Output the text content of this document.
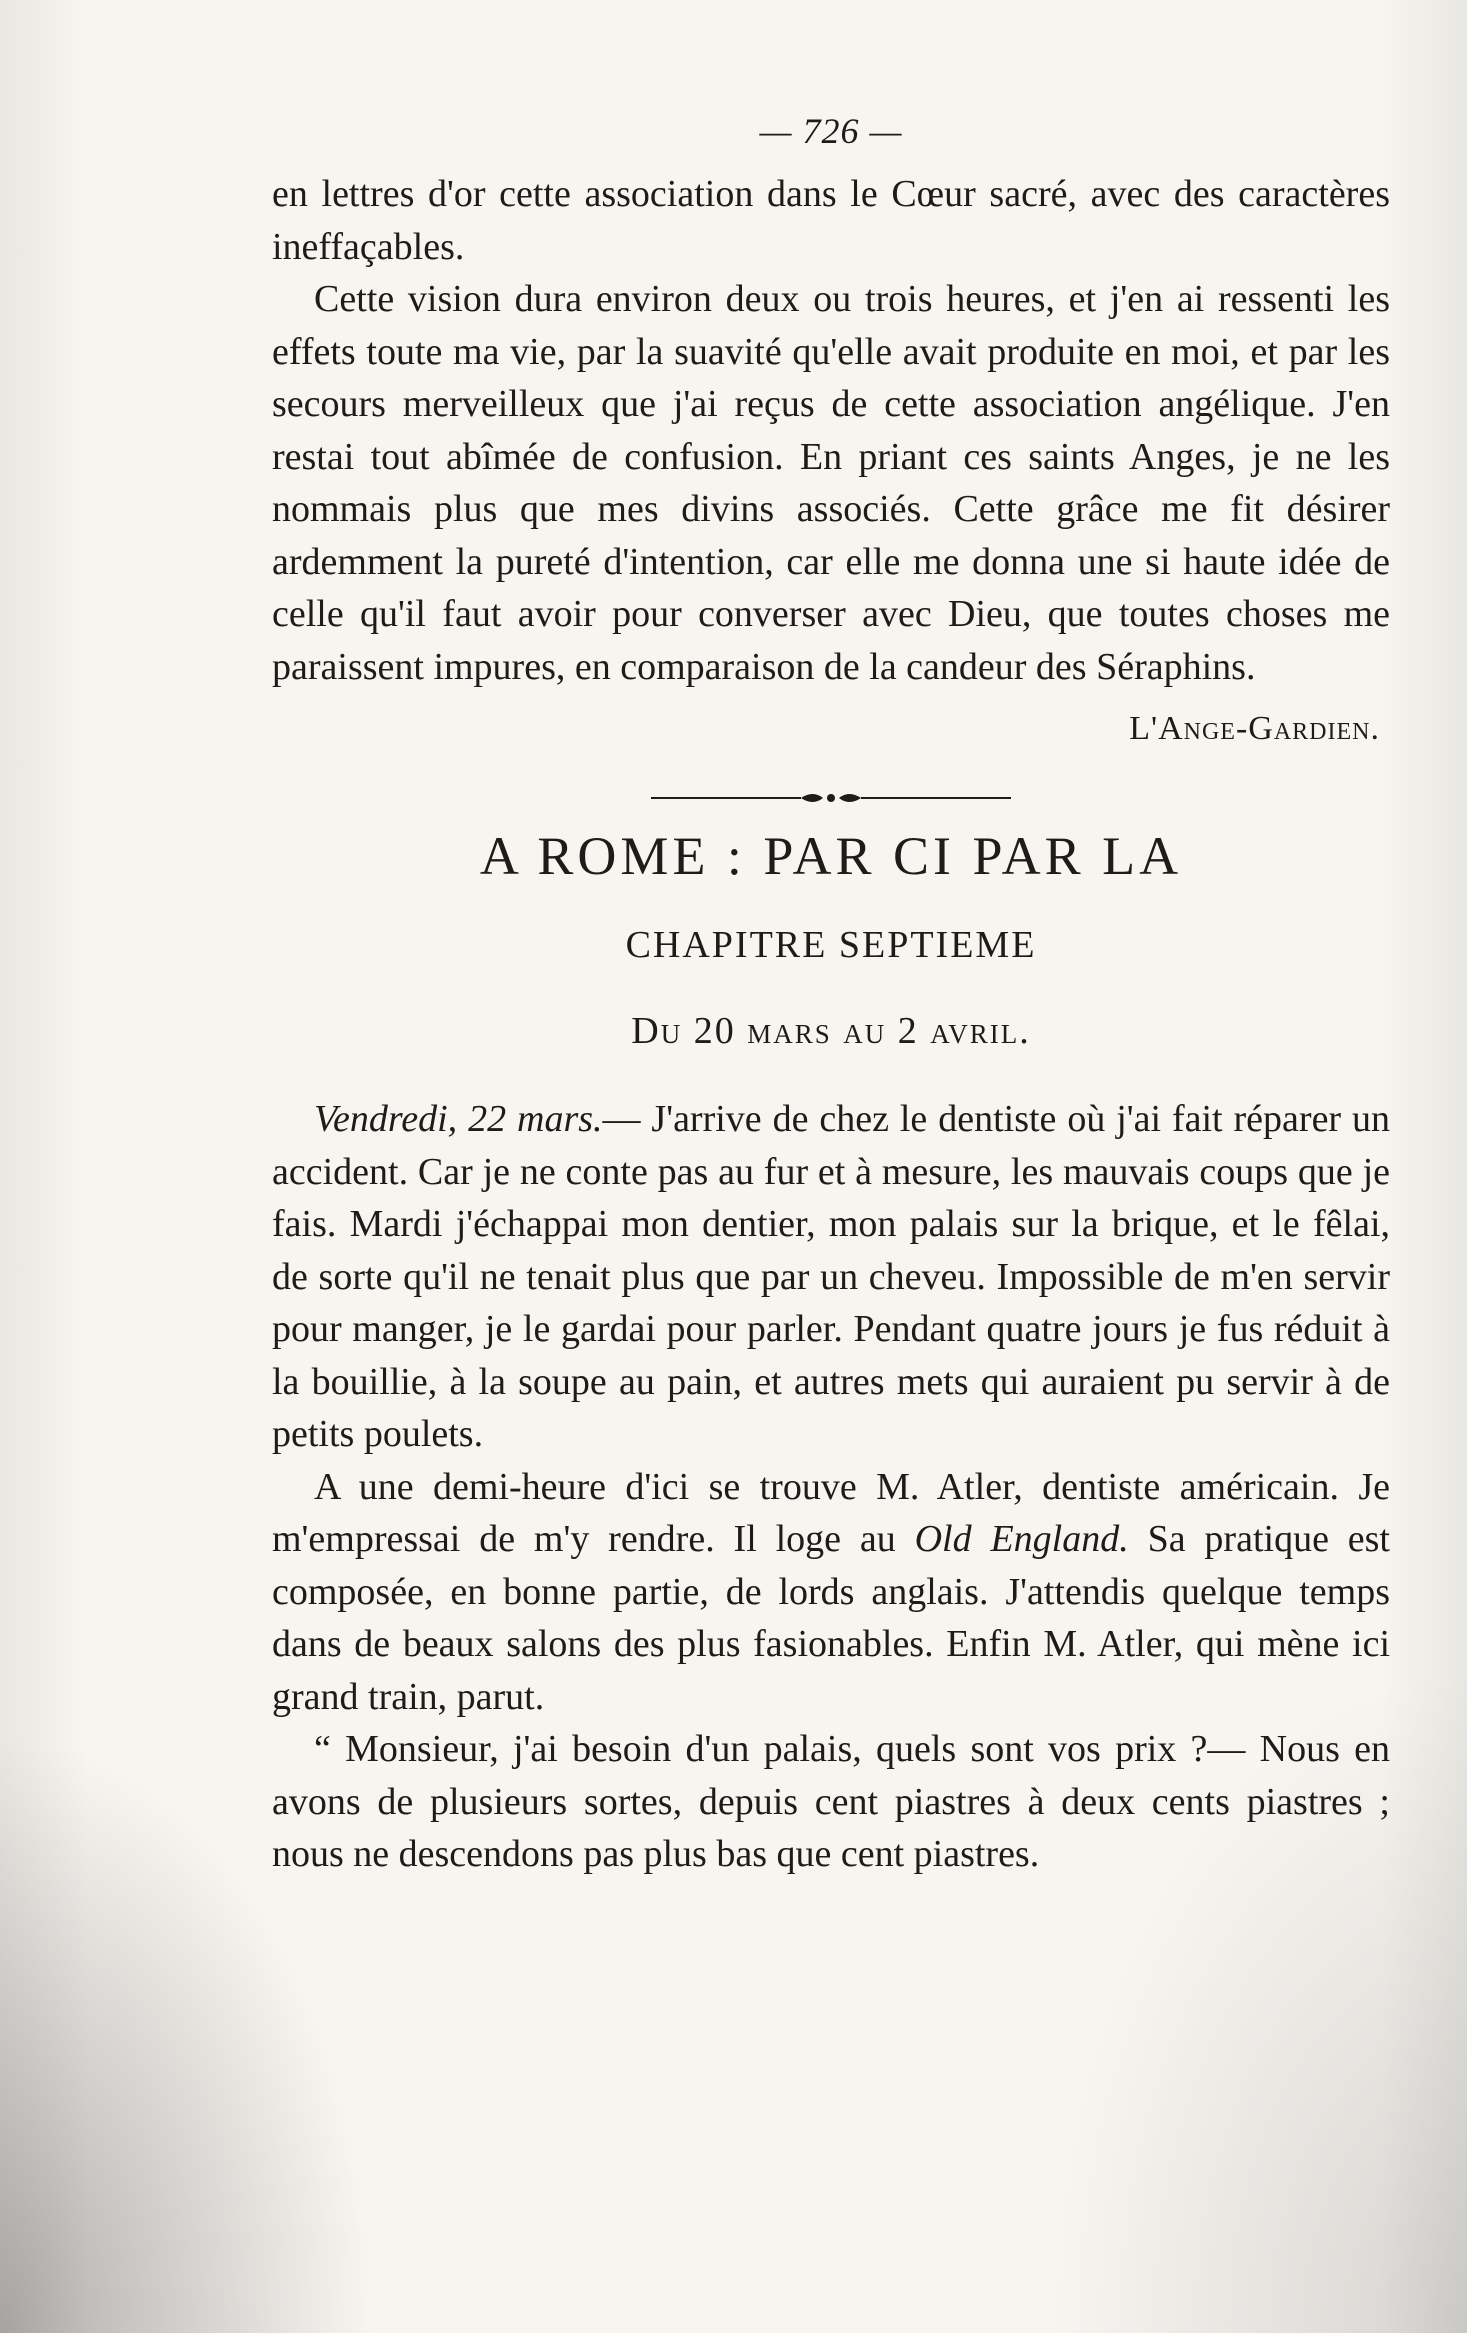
— 726 —

en lettres d'or cette association dans le Cœur sacré, avec des caractères ineffaçables.

Cette vision dura environ deux ou trois heures, et j'en ai ressenti les effets toute ma vie, par la suavité qu'elle avait produite en moi, et par les secours merveilleux que j'ai reçus de cette association angélique. J'en restai tout abîmée de confusion. En priant ces saints Anges, je ne les nommais plus que mes divins associés. Cette grâce me fit désirer ardemment la pureté d'intention, car elle me donna une si haute idée de celle qu'il faut avoir pour converser avec Dieu, que toutes choses me paraissent impures, en comparaison de la candeur des Séraphins.

L'Ange-Gardien.
A ROME : PAR CI PAR LA
CHAPITRE SEPTIEME
Du 20 mars au 2 avril.

Vendredi, 22 mars.— J'arrive de chez le dentiste où j'ai fait réparer un accident. Car je ne conte pas au fur et à mesure, les mauvais coups que je fais. Mardi j'échappai mon dentier, mon palais sur la brique, et le fêlai, de sorte qu'il ne tenait plus que par un cheveu. Impossible de m'en servir pour manger, je le gardai pour parler. Pendant quatre jours je fus réduit à la bouillie, à la soupe au pain, et autres mets qui auraient pu servir à de petits poulets.

A une demi-heure d'ici se trouve M. Atler, dentiste américain. Je m'empressai de m'y rendre. Il loge au Old England. Sa pratique est composée, en bonne partie, de lords anglais. J'attendis quelque temps dans de beaux salons des plus fasionables. Enfin M. Atler, qui mène ici grand train, parut.

“ Monsieur, j'ai besoin d'un palais, quels sont vos prix ?— Nous en avons de plusieurs sortes, depuis cent piastres à deux cents piastres ; nous ne descendons pas plus bas que cent piastres.
